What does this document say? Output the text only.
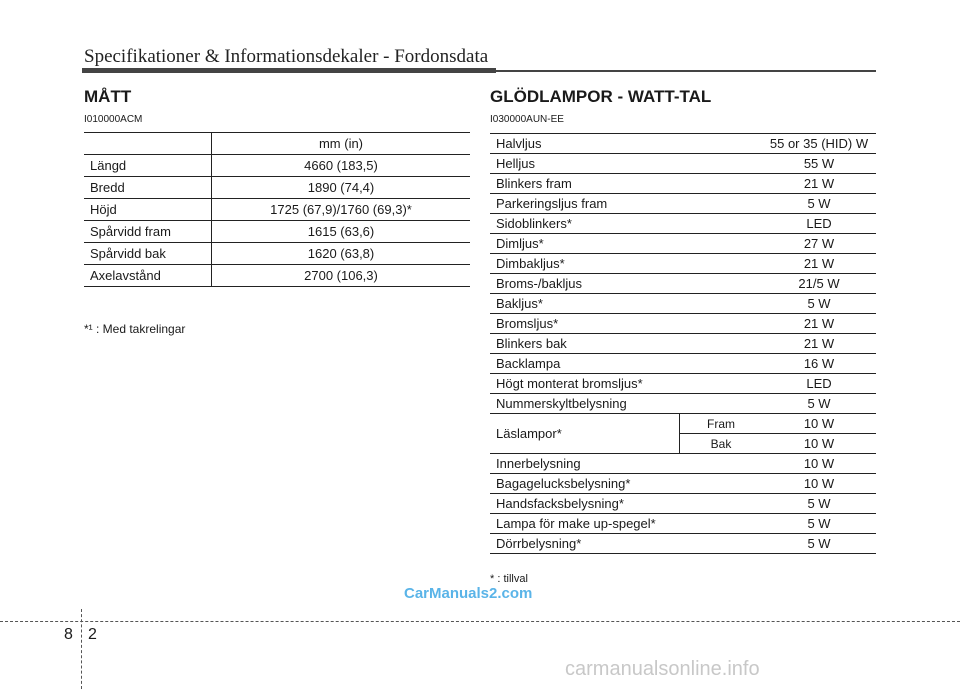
Specifikationer & Informationsdekaler - Fordonsdata
MÅTT
I010000ACM
	mm (in)
Längd	4660 (183,5)
Bredd	1890 (74,4)
Höjd	1725 (67,9)/1760 (69,3)*
Spårvidd fram	1615 (63,6)
Spårvidd bak	1620 (63,8)
Axelavstånd	2700 (106,3)
*¹ : Med takrelingar
GLÖDLAMPOR - WATT-TAL
I030000AUN-EE
Halvljus		55 or 35 (HID) W
Helljus		55 W
Blinkers fram		21 W
Parkeringsljus fram		5 W
Sidoblinkers*		LED
Dimljus*		27 W
Dimbakljus*		21 W
Broms-/bakljus		21/5 W
Bakljus*		5 W
Bromsljus*		21 W
Blinkers bak		21 W
Backlampa		16 W
Högt monterat bromsljus*		LED
Nummerskyltbelysning		5 W
Läslampor*	Fram	10 W
	Bak	10 W
Innerbelysning		10 W
Bagagelucksbelysning*		10 W
Handsfacksbelysning*		5 W
Lampa för make up-spegel*		5 W
Dörrbelysning*		5 W
* : tillval
CarManuals2.com
8 2
carmanualsonline.info
